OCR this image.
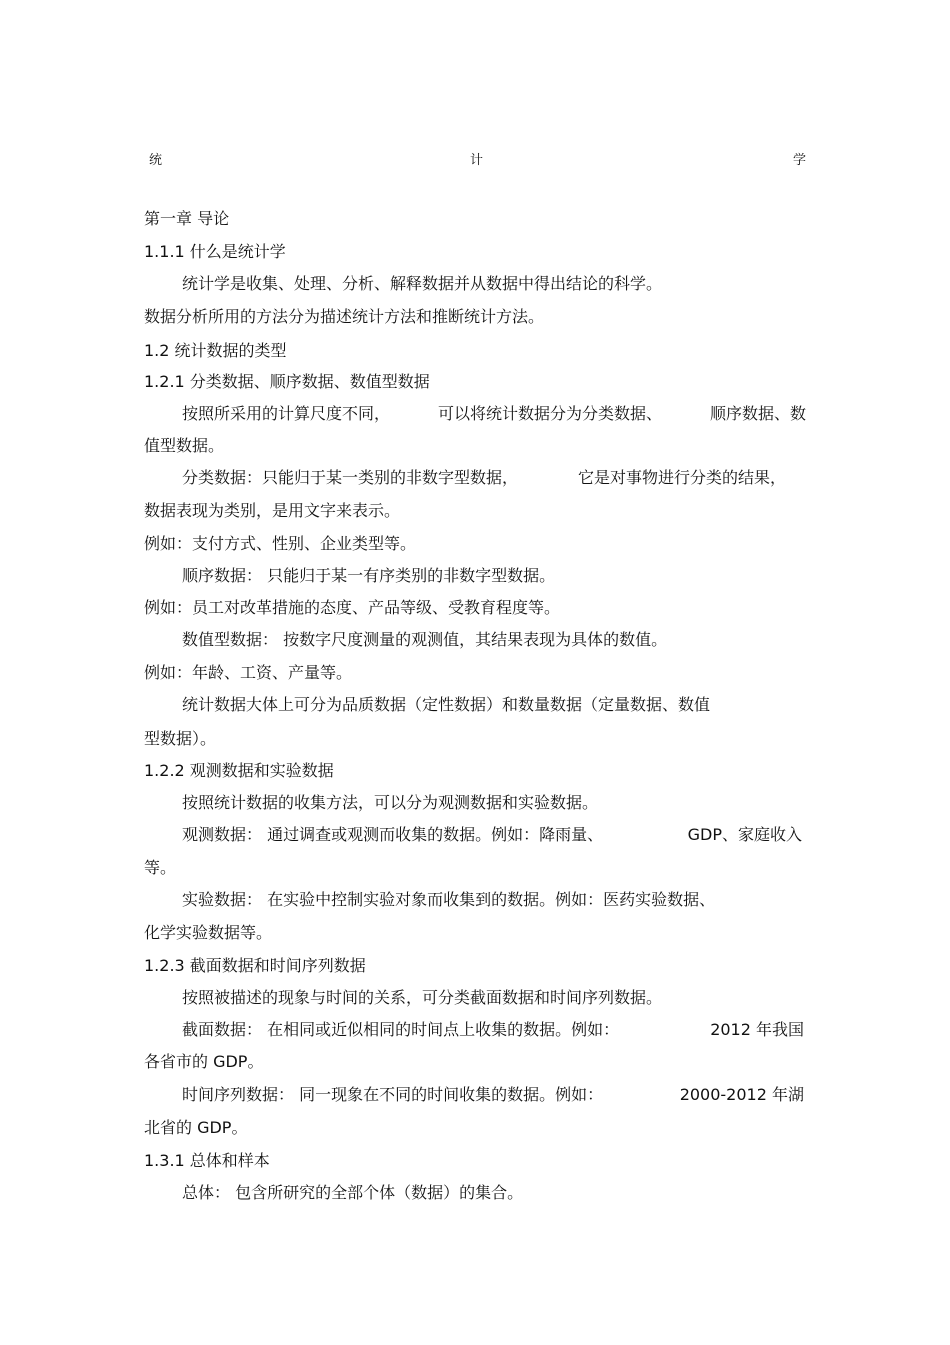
统	计	学
第一章 导论
1.1.1 什么是统计学
统计学是收集、处理、分析、解释数据并从数据中得出结论的科学。
数据分析所用的方法分为描述统计方法和推断统计方法。
1.2 统计数据的类型
1.2.1 分类数据、顺序数据、数值型数据
按照所采用的计算尺度不同，	可以将统计数据分为分类数据、	顺序数据、数
值型数据。
分类数据：只能归于某一类别的非数字型数据，	它是对事物进行分类的结果，
数据表现为类别，是用文字来表示。
例如：支付方式、性别、企业类型等。
顺序数据： 只能归于某一有序类别的非数字型数据。
例如：员工对改革措施的态度、产品等级、受教育程度等。
数值型数据： 按数字尺度测量的观测值，其结果表现为具体的数值。
例如：年龄、工资、产量等。
统计数据大体上可分为品质数据（定性数据）和数量数据（定量数据、数值
型数据）。
1.2.2 观测数据和实验数据
按照统计数据的收集方法，可以分为观测数据和实验数据。
观测数据： 通过调查或观测而收集的数据。例如：降雨量、	GDP、家庭收入
等。
实验数据： 在实验中控制实验对象而收集到的数据。例如：医药实验数据、
化学实验数据等。
1.2.3 截面数据和时间序列数据
按照被描述的现象与时间的关系，可分类截面数据和时间序列数据。
截面数据： 在相同或近似相同的时间点上收集的数据。例如：	2012 年我国
各省市的 GDP。
时间序列数据： 同一现象在不同的时间收集的数据。例如：	2000-2012 年湖
北省的 GDP。
1.3.1 总体和样本
总体： 包含所研究的全部个体（数据）的集合。
